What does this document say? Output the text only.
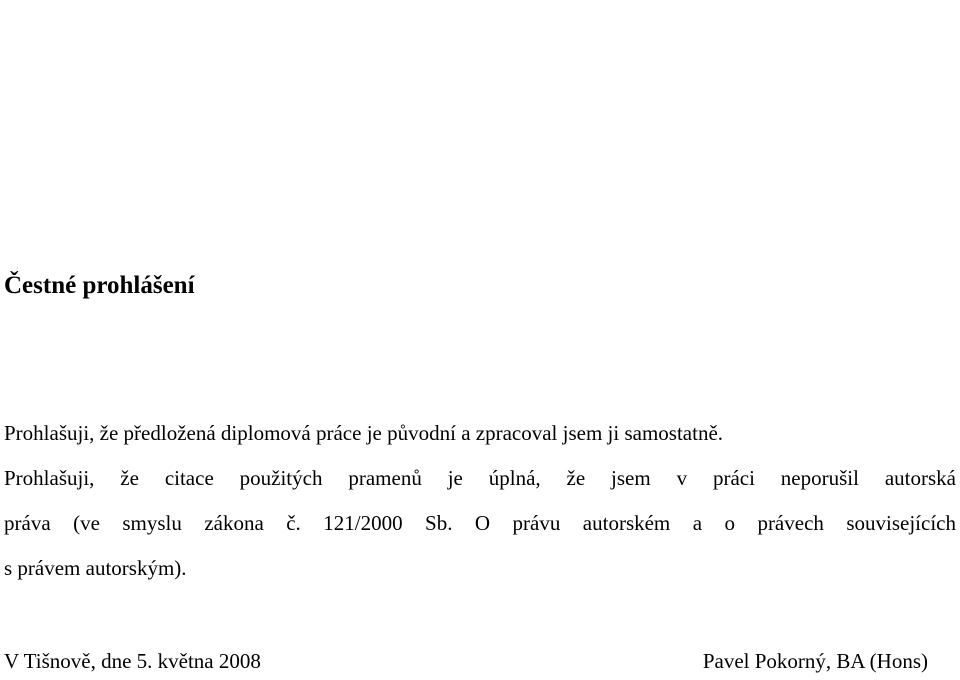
Čestné prohlášení

Prohlašuji, že předložená diplomová práce je původní a zpracoval jsem ji samostatně.

Prohlašuji, že citace použitých pramenů je úplná, že jsem v práci neporušil autorská

práva (ve smyslu zákona č. 121/2000 Sb. O právu autorském a o právech souvisejících

s právem autorským).

V Tišnově, dne 5. května 2008	Pavel Pokorný, BA (Hons)
